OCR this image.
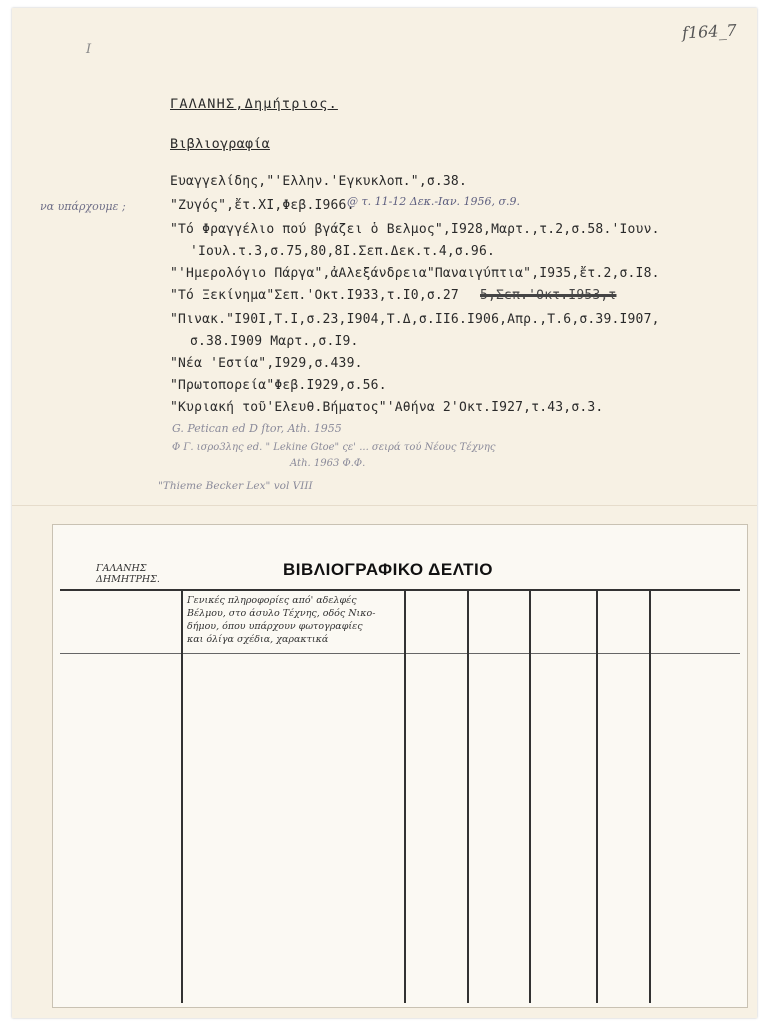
f164_7
I
ΓΑΛΑΝΗΣ,Δημήτριος.
Βιβλιογραφία
να υπάρχουμε ;
Ευαγγελίδης,"'Ελλην.'Εγκυκλοπ.",σ.38.
"Ζυγός",ἔτ.XI,Φεβ.I966.
@ τ. 11-12 Δεκ.-Ιαν. 1956, σ.9.
"Τό Φραγγέλιο πού βγάζει ὁ Βελμος",I928,Μαρτ.,τ.2,σ.58.'Ιουν.
'Ιουλ.τ.3,σ.75,80,8I.Σεπ.Δεκ.τ.4,σ.96.
"'Ημερολόγιο Πάργα",ἀΑλεξάνδρεια"Παναιγύπτια",I935,ἔτ.2,σ.I8.
"Τό Ξεκίνημα"Σεπ.'Οκτ.I933,τ.I0,σ.27 5,Σεπ.'Οκτ.I953,τ
"Πινακ."I90I,Τ.I,σ.23,I904,Τ.Δ,σ.II6.I906,Απρ.,Τ.6,σ.39.I907,
σ.38.I909 Μαρτ.,σ.I9.
"Νέα 'Εστία",I929,σ.439.
"Πρωτοπορεία"Φεβ.I929,σ.56.
"Κυριακή τοῦ'Ελευθ.Βήματος"'Αθήνα 2'Οκτ.I927,τ.43,σ.3.
G. Petican ed D ſtor, Ath. 1955
Φ Γ. ισρο3λης ed. " Lekine Gtoe" ςε' ... σειρά τού Νέους Τέχνης
Ath. 1963 Φ.Φ.
"Thieme Becker Lex" vol VIII
ΓΑΛΑΝΗΣ
ΔΗΜΗΤΡΗΣ.
ΒΙΒΛΙΟΓΡΑΦΙΚΟ ΔΕΛΤΙΟ
Γενικές πληροφορίες από' αδελφές
Βέλμου, στο άσυλο Τέχνης, οδός Νικο-
δήμου, όπου υπάρχουν φωτογραφίες
και όλίγα σχέδια, χαρακτικά
